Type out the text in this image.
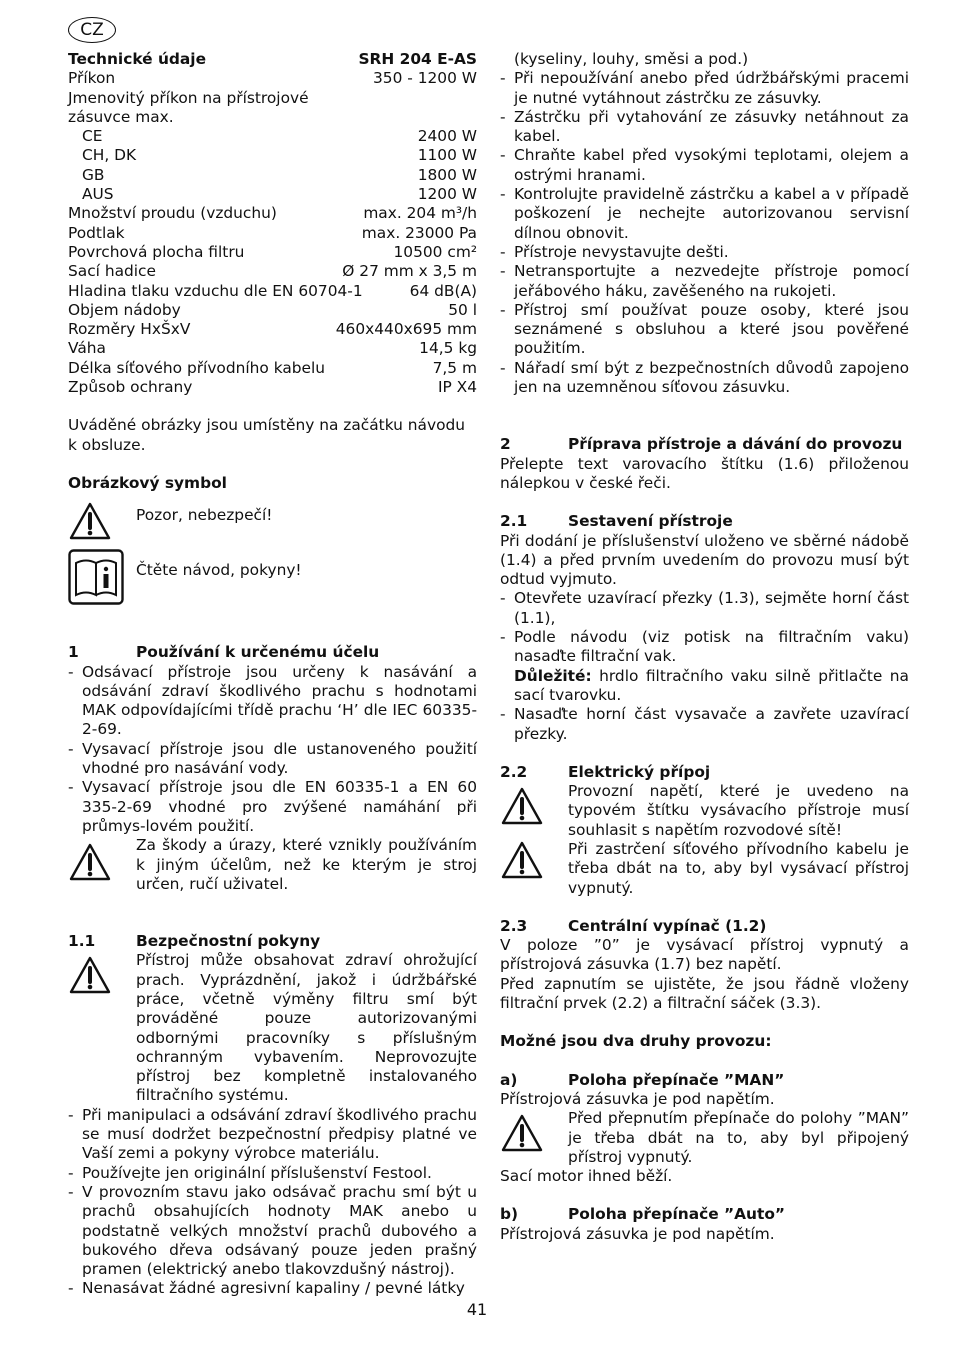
CZ
Technické údaje	SRH 204 E-AS
Příkon	350 - 1200 W

Jmenovitý příkon na přístrojové

zásuvce max.

CE	2400 W
CH, DK	1100 W
GB	1800 W
AUS	1200 W
Množství proudu (vzduchu)	max. 204 m³/h
Podtlak	max. 23000 Pa
Povrchová plocha filtru	10500 cm²
Sací hadice	Ø 27 mm x 3,5 m
Hladina tlaku vzduchu dle EN 60704-1	64 dB(A)
Objem nádoby	50 l
Rozměry HxŠxV	460x440x695 mm
Váha	14,5 kg
Délka síťového přívodního kabelu	7,5 m
Způsob ochrany	IP X4

Uváděné obrázky jsou umístěny na začátku návodu k obsluze.

Obrázkový symbol

Pozor, nebezpečí!
Čtěte návod, pokyny!
1	Používání k určenému účelu
- Odsávací přístroje jsou určeny k nasávání a odsávání zdraví škodlivého prachu s hodnotami MAK odpovídajícími třídě prachu ‘H’ dle IEC 60335-2-69.
- Vysavací přístroje jsou dle ustanoveného použití vhodné pro nasávání vody.
- Vysavací přístroje jsou dle EN 60335-1 a EN 60 335-2-69 vhodné pro zvýšené namáhání při průmys-lovém použití.
Za škody a úrazy, které vznikly používáním k jiným účelům, než ke kterým je stroj určen, ručí uživatel.
1.1	Bezpečnostní pokyny
Přístroj může obsahovat zdraví ohrožující prach. Vyprázdnění, jakož i údržbářské práce, včetně výměny filtru smí být prováděné pouze autorizovanými odbornými pracovníky s příslušným ochranným vybavením. Neprovozujte přístroj bez kompletně instalovaného filtračního systému.
- Při manipulaci a odsávání zdraví škodlivého prachu se musí dodržet bezpečnostní předpisy platné ve Vaší zemi a pokyny výrobce materiálu.
- Používejte jen originální příslušenství Festool.
- V provozním stavu jako odsávač prachu smí být u prachů obsahujících hodnoty MAK anebo u podstatně velkých množství prachů dubového a bukového dřeva odsávaný pouze jeden prašný pramen (elektrický anebo tlakovzdušný nástroj).
- Nenasávat žádné agresivní kapaliny / pevné látky

(kyseliny, louhy, směsi a pod.)

- Při nepoužívání anebo před údržbářskými pracemi je nutné vytáhnout zástrčku ze zásuvky.
- Zástrčku při vytahování ze zásuvky netáhnout za kabel.
- Chraňte kabel před vysokými teplotami, olejem a ostrými hranami.
- Kontrolujte pravidelně zástrčku a kabel a v případě poškození je nechejte autorizovanou servisní dílnou obnovit.
- Přístroje nevystavujte dešti.
- Netransportujte a nezvedejte přístroje pomocí jeřábového háku, zavěšeného na rukojeti.
- Přístroj smí používat pouze osoby, které jsou seznámené s obsluhou a které jsou pověřené použitím.
- Nářadí smí být z bezpečnostních důvodů zapojeno jen na uzemněnou síťovou zásuvku.
2	Příprava přístroje a dávání do provozu

Přelepte text varovacího štítku (1.6) přiloženou nálepkou v české řeči.

2.1	Sestavení přístroje

Při dodání je příslušenství uloženo ve sběrné nádobě (1.4) a před prvním uvedením do provozu musí být odtud vyjmuto.

- Otevřete uzavírací přezky (1.3), sejměte horní část (1.1),
- Podle návodu (viz potisk na filtračním vaku) nasaďte filtrační vak.
Důležité: hrdlo filtračního vaku silně přitlačte na sací tvarovku.
- Nasaďte horní část vysavače a zavřete uzavírací přezky.
2.2	Elektrický přípoj
Provozní napětí, které je uvedeno na typovém štítku vysávacího přístroje musí souhlasit s napětím rozvodové sítě!
Při zastrčení síťového přívodního kabelu je třeba dbát na to, aby byl vysávací přístroj vypnutý.
2.3	Centrální vypínač (1.2)

V poloze ”0” je vysávací přístroj vypnutý a přístrojová zásuvka (1.7) bez napětí.

Před zapnutím se ujistěte, že jsou řádně vloženy filtrační prvek (2.2) a filtrační sáček (3.3).

Možné jsou dva druhy provozu:

a)	Poloha přepínače ”MAN”

Přístrojová zásuvka je pod napětím.

Před přepnutím přepínače do polohy ”MAN” je třeba dbát na to, aby byl připojený přístroj vypnutý.

Sací motor ihned běží.

b)	Poloha přepínače ”Auto”

Přístrojová zásuvka je pod napětím.

41
